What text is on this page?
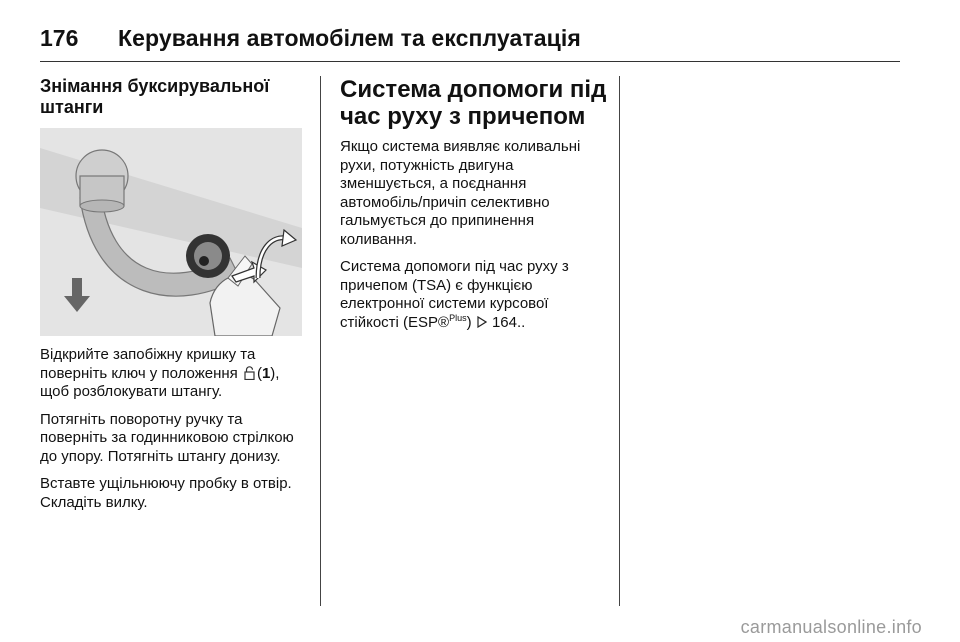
176	Керування автомобілем та експлуатація
Знімання буксирувальної штанги

Відкрийте запобіжну кришку та поверніть ключ у положення (1), щоб розблокувати штангу.

Потягніть поворотну ручку та поверніть за годинниковою стрілкою до упору. Потягніть штангу донизу.

Вставте ущільнюючу пробку в отвір. Складіть вилку.

Система допомоги під час руху з причепом

Якщо система виявляє коливальні рухи, потужність двигуна зменшується, а поєднання автомобіль/причіп селективно гальмується до припинення коливання.

Система допомоги під час руху з причепом (TSA) є функцією електронної системи курсової стійкості (ESP®$^{Plus}$)  164..

carmanualsonline.info
